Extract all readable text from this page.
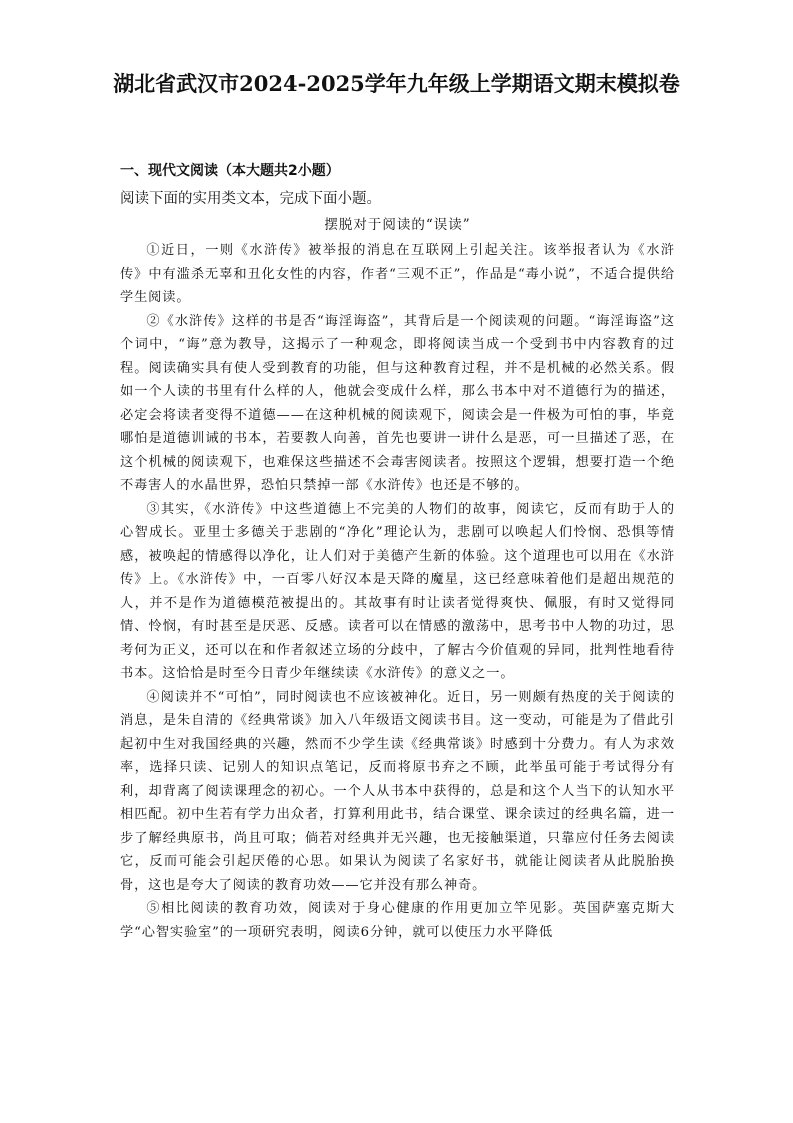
湖北省武汉市2024-2025学年九年级上学期语文期末模拟卷
一、现代文阅读（本大题共2小题）

阅读下面的实用类文本，完成下面小题。

摆脱对于阅读的“误读”

①近日，一则《水浒传》被举报的消息在互联网上引起关注。该举报者认为《水浒传》中有滥杀无辜和丑化女性的内容，作者“三观不正”，作品是“毒小说”，不适合提供给学生阅读。

②《水浒传》这样的书是否“诲淫诲盗”，其背后是一个阅读观的问题。“诲淫诲盗”这个词中，“诲”意为教导，这揭示了一种观念，即将阅读当成一个受到书中内容教育的过程。阅读确实具有使人受到教育的功能，但与这种教育过程，并不是机械的必然关系。假如一个人读的书里有什么样的人，他就会变成什么样，那么书本中对不道德行为的描述，必定会将读者变得不道德——在这种机械的阅读观下，阅读会是一件极为可怕的事，毕竟哪怕是道德训诫的书本，若要教人向善，首先也要讲一讲什么是恶，可一旦描述了恶，在这个机械的阅读观下，也难保这些描述不会毒害阅读者。按照这个逻辑，想要打造一个绝不毒害人的水晶世界，恐怕只禁掉一部《水浒传》也还是不够的。

③其实，《水浒传》中这些道德上不完美的人物们的故事，阅读它，反而有助于人的心智成长。亚里士多德关于悲剧的“净化”理论认为，悲剧可以唤起人们怜悯、恐惧等情感，被唤起的情感得以净化，让人们对于美德产生新的体验。这个道理也可以用在《水浒传》上。《水浒传》中，一百零八好汉本是天降的魔星，这已经意味着他们是超出规范的人，并不是作为道德模范被提出的。其故事有时让读者觉得爽快、佩服，有时又觉得同情、怜悯，有时甚至是厌恶、反感。读者可以在情感的激荡中，思考书中人物的功过，思考何为正义，还可以在和作者叙述立场的分歧中，了解古今价值观的异同，批判性地看待书本。这恰恰是时至今日青少年继续读《水浒传》的意义之一。

④阅读并不“可怕”，同时阅读也不应该被神化。近日，另一则颇有热度的关于阅读的消息，是朱自清的《经典常谈》加入八年级语文阅读书目。这一变动，可能是为了借此引起初中生对我国经典的兴趣，然而不少学生读《经典常谈》时感到十分费力。有人为求效率，选择只读、记别人的知识点笔记，反而将原书弃之不顾，此举虽可能于考试得分有利，却背离了阅读课理念的初心。一个人从书本中获得的，总是和这个人当下的认知水平相匹配。初中生若有学力出众者，打算利用此书，结合课堂、课余读过的经典名篇，进一步了解经典原书，尚且可取；倘若对经典并无兴趣，也无接触渠道，只靠应付任务去阅读它，反而可能会引起厌倦的心思。如果认为阅读了名家好书，就能让阅读者从此脱胎换骨，这也是夸大了阅读的教育功效——它并没有那么神奇。

⑤相比阅读的教育功效，阅读对于身心健康的作用更加立竿见影。英国萨塞克斯大学“心智实验室”的一项研究表明，阅读6分钟，就可以使压力水平降低
